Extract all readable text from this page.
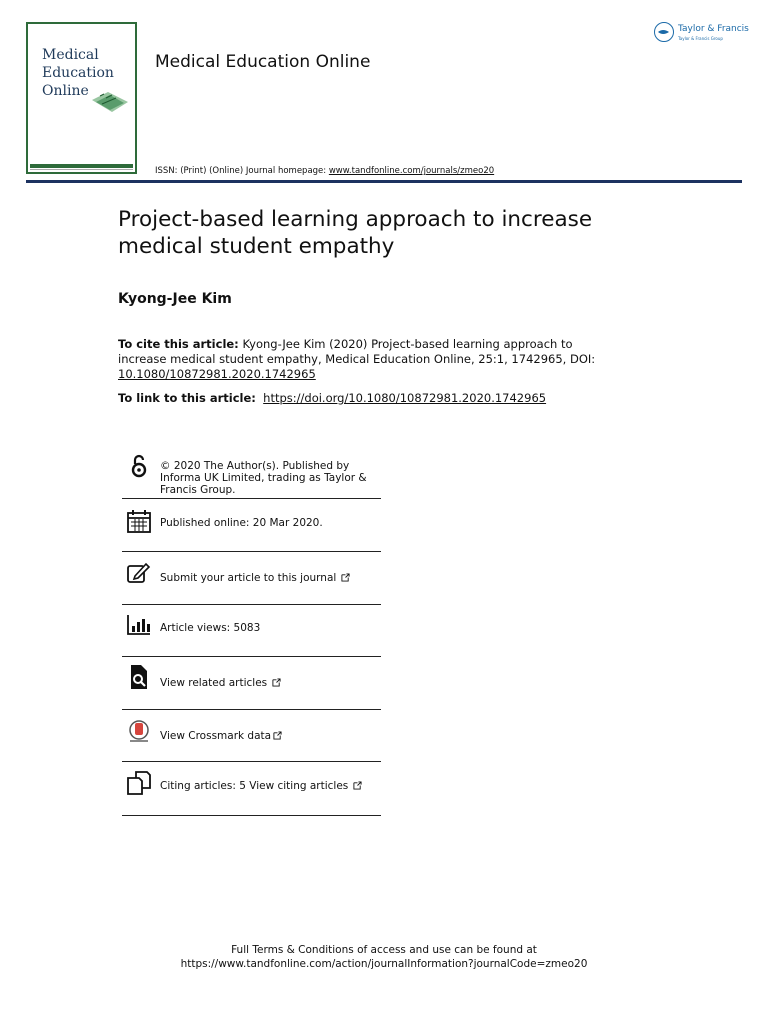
Medical
Education
Online
Medical Education Online
ISSN: (Print) (Online) Journal homepage: www.tandfonline.com/journals/zmeo20
Taylor & Francis
Taylor & Francis Group
Project-based learning approach to increase medical student empathy
Kyong-Jee Kim
To cite this article: Kyong-Jee Kim (2020) Project-based learning approach to increase medical student empathy, Medical Education Online, 25:1, 1742965, DOI: 10.1080/10872981.2020.1742965
To link to this article: https://doi.org/10.1080/10872981.2020.1742965
© 2020 The Author(s). Published by Informa UK Limited, trading as Taylor & Francis Group.
Published online: 20 Mar 2020.
Submit your article to this journal
Article views: 5083
View related articles
View Crossmark data
Citing articles: 5 View citing articles
Full Terms & Conditions of access and use can be found at
https://www.tandfonline.com/action/journalInformation?journalCode=zmeo20
